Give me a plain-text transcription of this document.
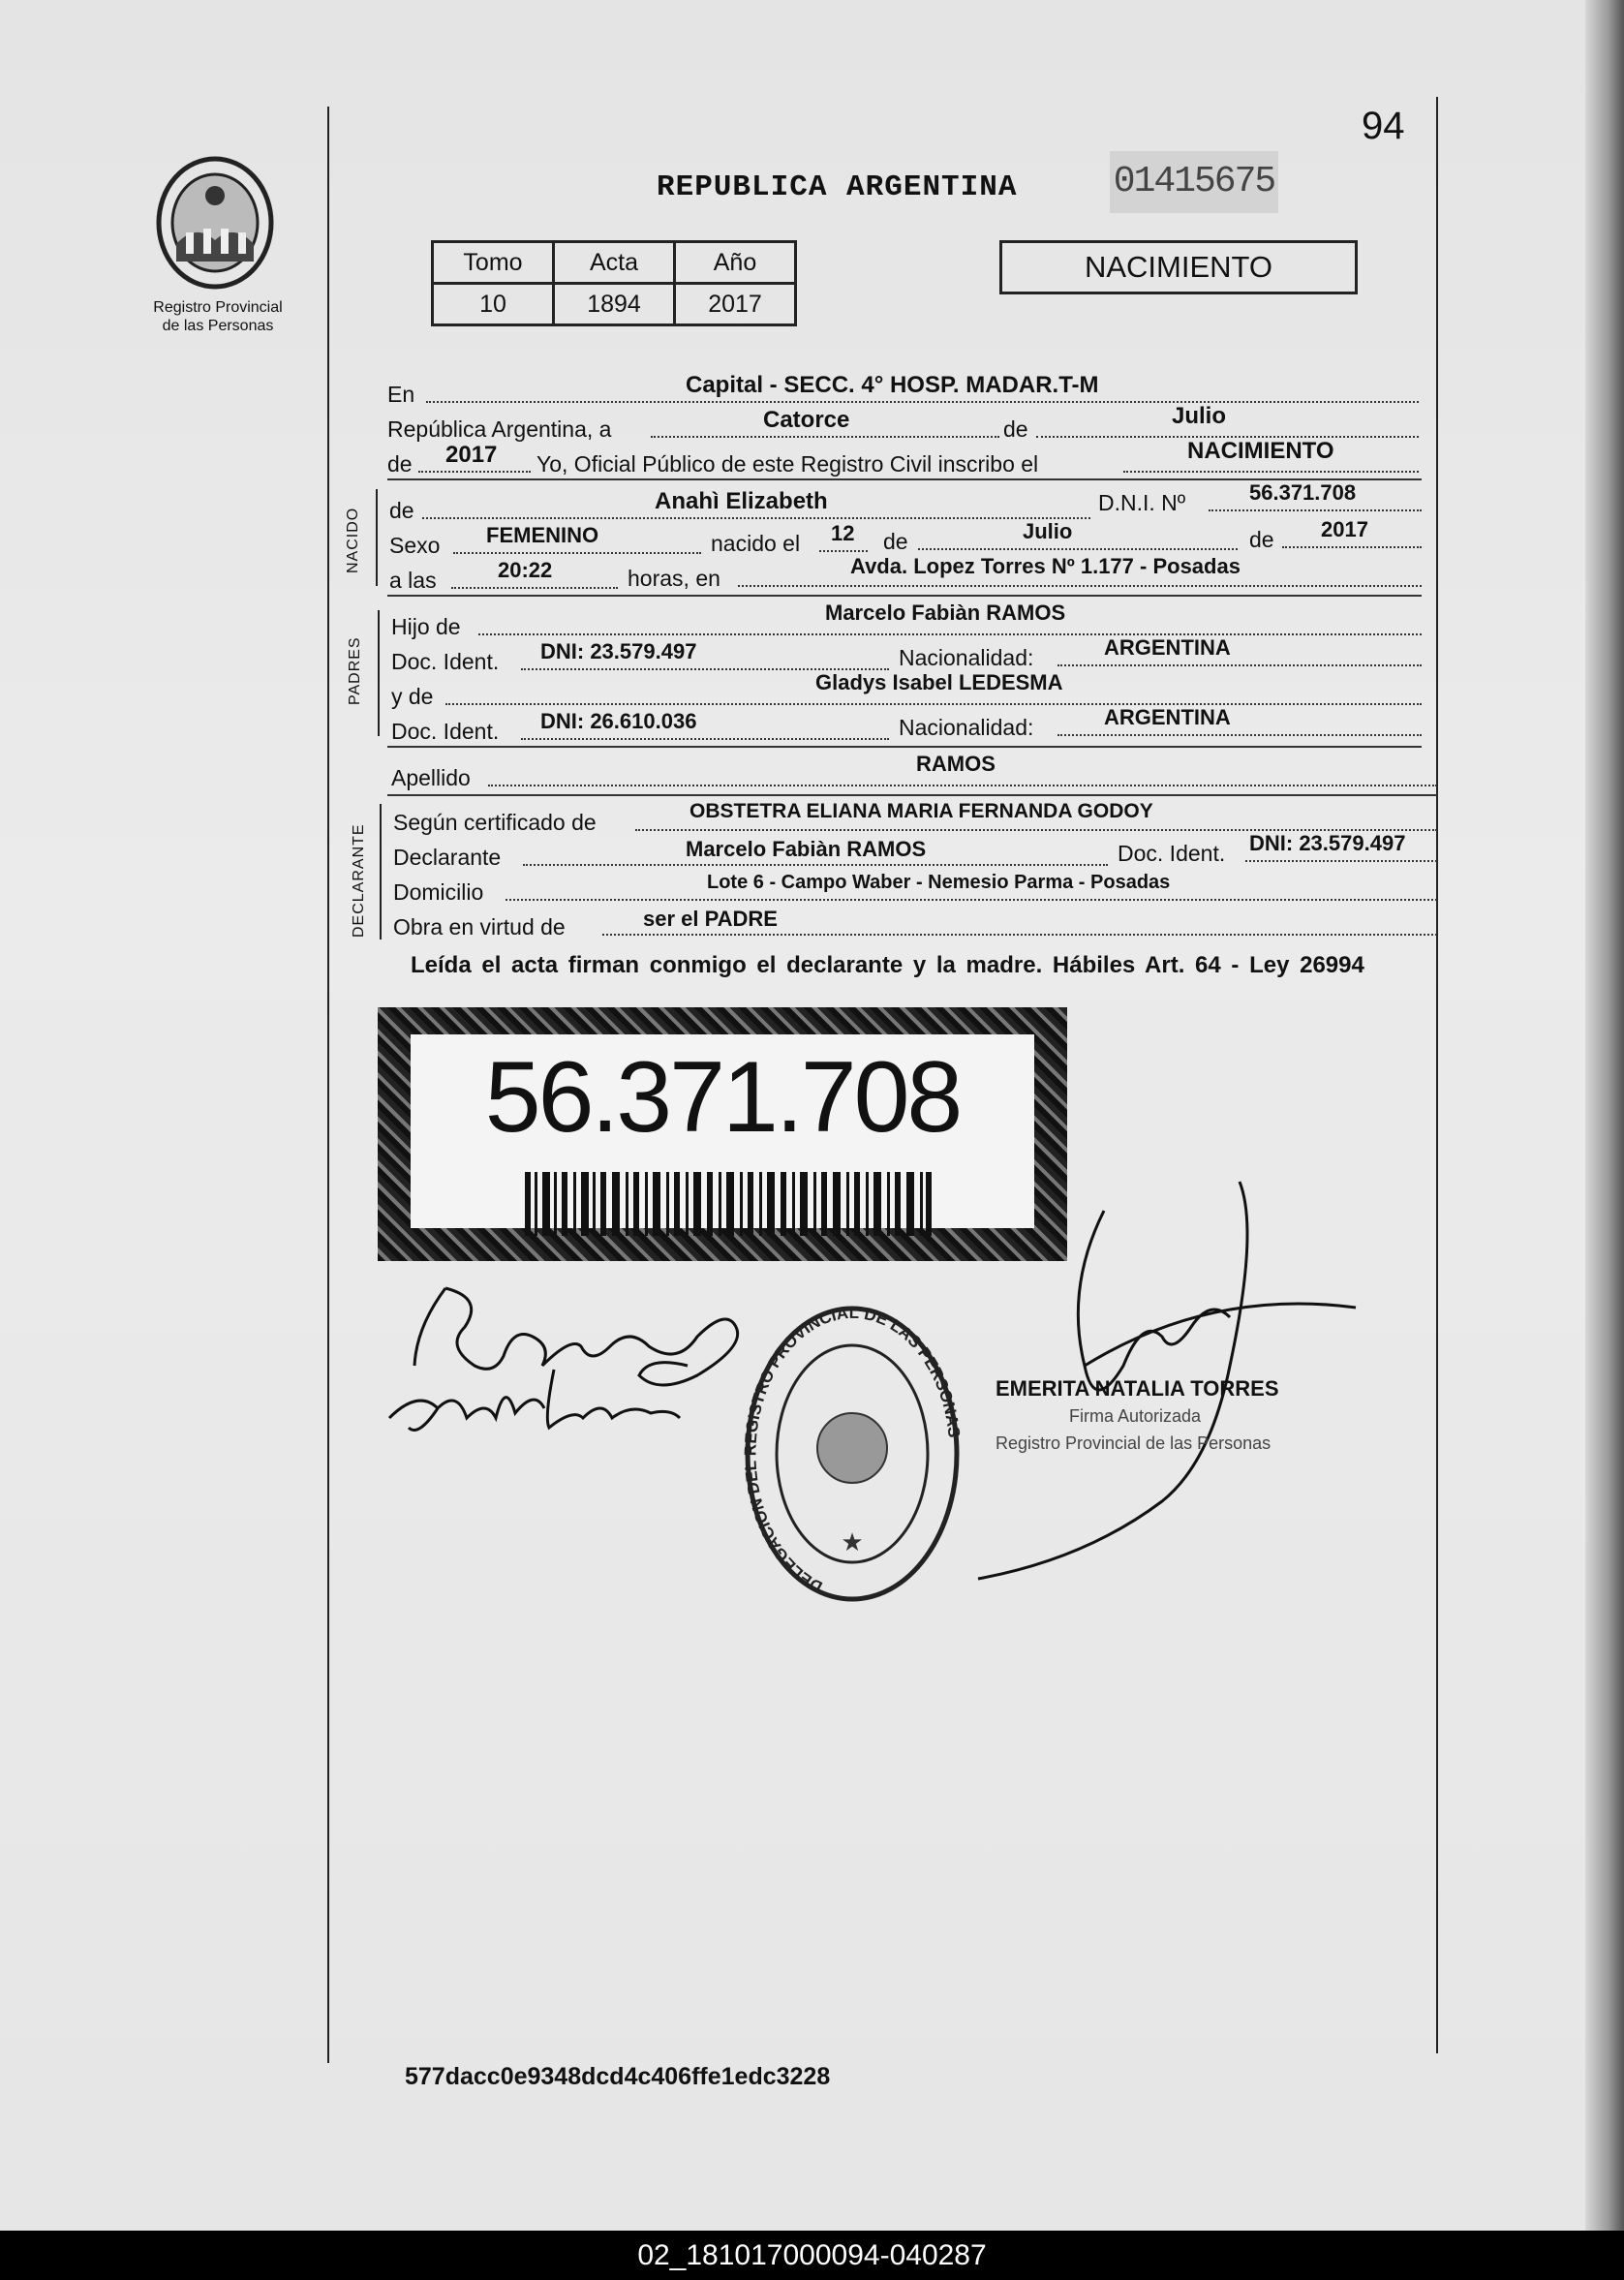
Registro Provincial
de las Personas
94
REPUBLICA ARGENTINA	01415675
Tomo	Acta	Año
10	1894	2017
NACIMIENTO
En	Capital - SECC. 4° HOSP. MADAR.T-M
República Argentina, a	Catorce	de	Julio
de 2017 Yo, Oficial Público de este Registro Civil inscribo el	NACIMIENTO
NACIDO de	Anahì Elizabeth	D.N.I. Nº	56.371.708
Sexo FEMENINO	nacido el 12 de	Julio	de 2017
a las	20:22	horas, en	Avda. Lopez Torres Nº 1.177 - Posadas
PADRES
Hijo de
Marcelo Fabiàn RAMOS
Doc. Ident. DNI: 23.579.497	Nacionalidad:	ARGENTINA
y de
Gladys Isabel LEDESMA
Doc. Ident. DNI: 26.610.036	Nacionalidad:	ARGENTINA
Apellido
RAMOS
DECLARANTE
Según certificado de	OBSTETRA ELIANA MARIA FERNANDA GODOY
Declarante	Marcelo Fabiàn RAMOS	Doc. Ident. DNI: 23.579.497
Domicilio	Lote 6 - Campo Waber - Nemesio Parma - Posadas
Obra en virtud de	ser el PADRE
Leída el acta firman conmigo el declarante y la madre. Hábiles Art. 64 - Ley 26994
56.371.708
DELEGACION DEL REGISTRO PROVINCIAL DE LAS PERSONAS
★
EMERITA NATALIA TORRES
Firma Autorizada
Registro Provincial de las Personas
577dacc0e9348dcd4c406ffe1edc3228
02_181017000094-040287
